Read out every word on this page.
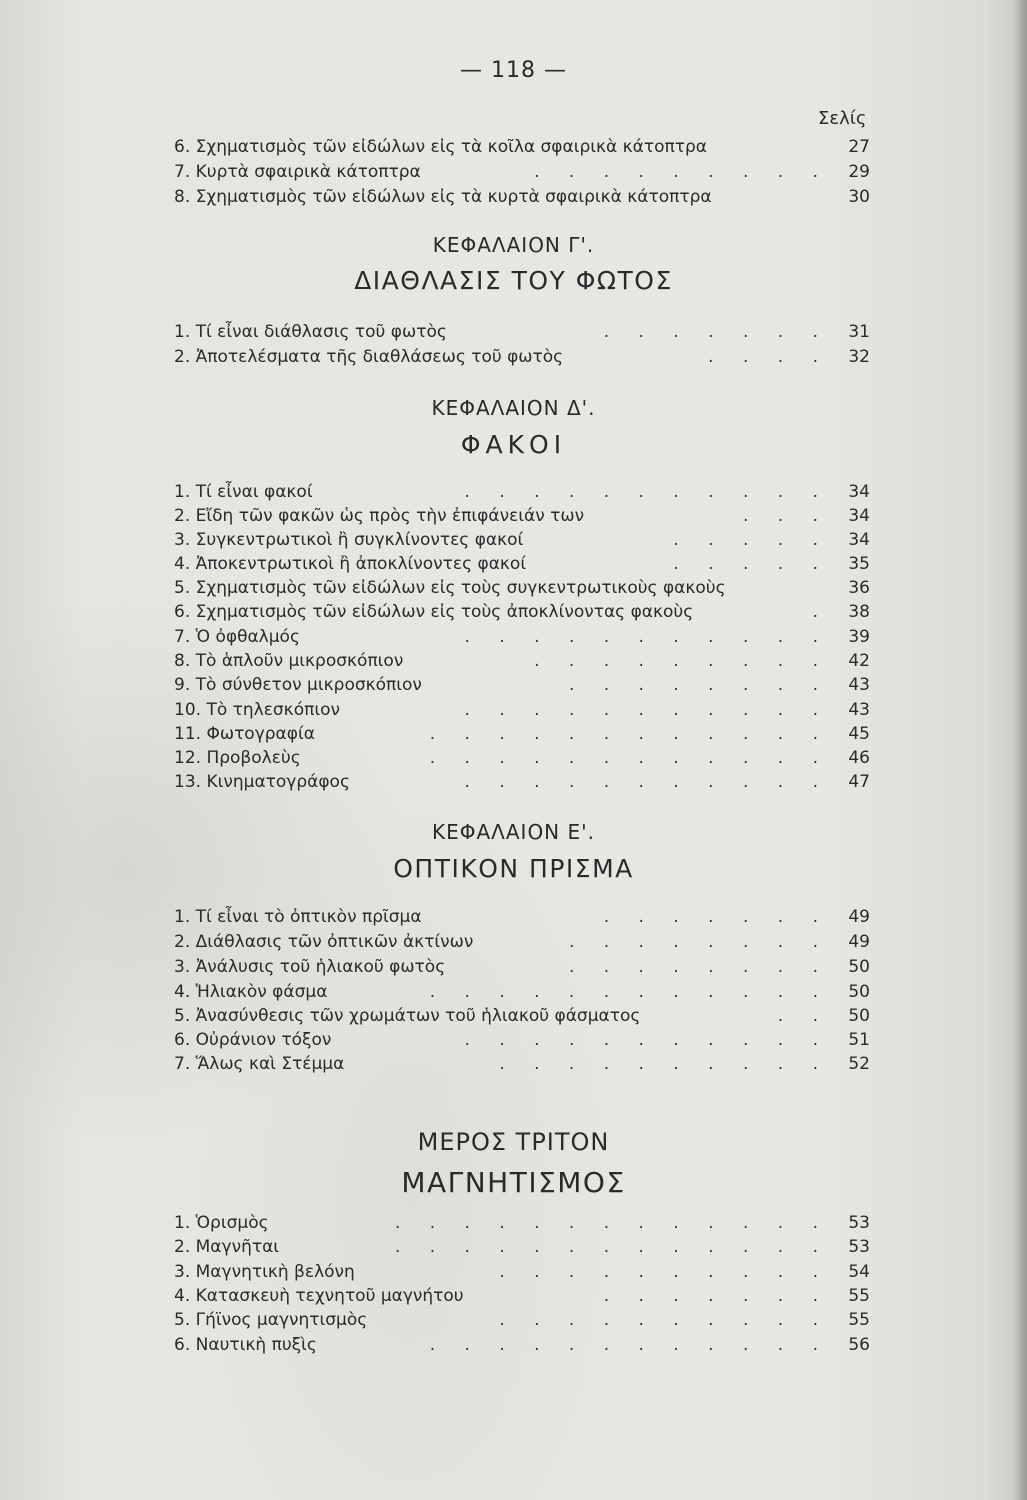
— 118 —
Σελίς
6. Σχηματισμὸς τῶν εἰδώλων εἰς τὰ κοῖλα σφαιρικὰ κάτοπτρα	27
7. Κυρτὰ σφαιρικὰ κάτοπτρα	. . . . . . . . .	29
8. Σχηματισμὸς τῶν εἰδώλων εἰς τὰ κυρτὰ σφαιρικὰ κάτοπτρα	30
ΚΕΦΑΛΑΙΟΝ Γ'.
ΔΙΑΘΛΑΣΙΣ ΤΟΥ ΦΩΤΟΣ
1. Τί εἶναι διάθλασις τοῦ φωτὸς	. . . . . . .	31
2. Ἀποτελέσματα τῆς διαθλάσεως τοῦ φωτὸς	. . . .	32
ΚΕΦΑΛΑΙΟΝ Δ'.
ΦΑΚΟΙ
1. Τί εἶναι φακοί	. . . . . . . . . . .	34
2. Εἴδη τῶν φακῶν ὡς πρὸς τὴν ἐπιφάνειάν των	. . .	34
3. Συγκεντρωτικοὶ ἢ συγκλίνοντες φακοί	. . . . .	34
4. Ἀποκεντρωτικοὶ ἢ ἀποκλίνοντες φακοί	. . . . .	35
5. Σχηματισμὸς τῶν εἰδώλων εἰς τοὺς συγκεντρωτικοὺς φακοὺς	36
6. Σχηματισμὸς τῶν εἰδώλων εἰς τοὺς ἀποκλίνοντας φακοὺς	.	38
7. Ὁ ὀφθαλμός	. . . . . . . . . . .	39
8. Τὸ ἁπλοῦν μικροσκόπιον	. . . . . . . . .	42
9. Τὸ σύνθετον μικροσκόπιον	. . . . . . . .	43
10. Τὸ τηλεσκόπιον	. . . . . . . . . . .	43
11. Φωτογραφία	. . . . . . . . . . . .	45
12. Προβολεὺς	. . . . . . . . . . . .	46
13. Κινηματογράφος	. . . . . . . . . . .	47
ΚΕΦΑΛΑΙΟΝ Ε'.
ΟΠΤΙΚΟΝ ΠΡΙΣΜΑ
1. Τί εἶναι τὸ ὀπτικὸν πρῖσμα	. . . . . . .	49
2. Διάθλασις τῶν ὀπτικῶν ἀκτίνων	. . . . . . . .	49
3. Ἀνάλυσις τοῦ ἡλιακοῦ φωτὸς	. . . . . . . .	50
4. Ἡλιακὸν φάσμα	. . . . . . . . . . . .	50
5. Ἀνασύνθεσις τῶν χρωμάτων τοῦ ἡλιακοῦ φάσματος	. .	50
6. Οὐράνιον τόξον	. . . . . . . . . . .	51
7. Ἅλως καὶ Στέμμα	. . . . . . . . . .	52
ΜΕΡΟΣ ΤΡΙΤΟΝ
ΜΑΓΝΗΤΙΣΜΟΣ
1. Ὁρισμὸς	. . . . . . . . . . . . .	53
2. Μαγνῆται	. . . . . . . . . . . . .	53
3. Μαγνητικὴ βελόνη	. . . . . . . . . .	54
4. Κατασκευὴ τεχνητοῦ μαγνήτου	. . . . . . .	55
5. Γήϊνος μαγνητισμὸς	. . . . . . . . . .	55
6. Ναυτικὴ πυξὶς	. . . . . . . . . . . .	56
